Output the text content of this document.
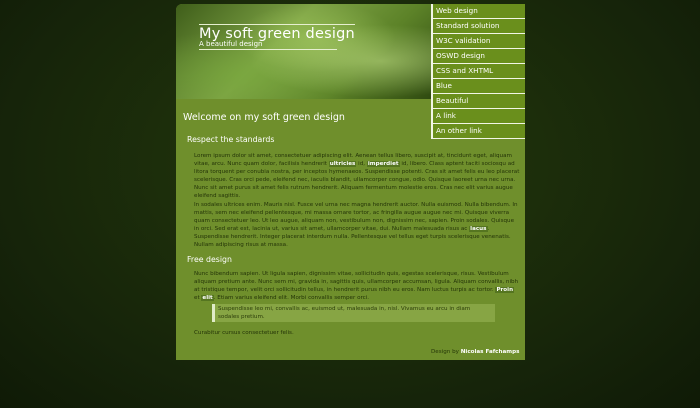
My soft green design
A beautiful design
Web design
Standard solution
W3C validation
OSWD design
CSS and XHTML
Blue
Beautiful
A link
An other link
Welcome on my soft green design
Respect the standards

Lorem ipsum dolor sit amet, consectetuer adipiscing elit. Aenean tellus libero, suscipit at, tincidunt eget, aliquam vitae, arcu. Nunc quam dolor, facilisis hendrerit ultricies id, imperdiet id, libero. Class aptent taciti sociosqu ad litora torquent per conubia nostra, per inceptos hymenaeos. Suspendisse potenti. Cras sit amet felis eu leo placerat scelerisque. Cras orci pede, eleifend nec, iaculis blandit, ullamcorper congue, odio. Quisque laoreet urna nec urna. Nunc sit amet purus sit amet felis rutrum hendrerit. Aliquam fermentum molestie eros. Cras nec elit varius augue eleifend sagittis.

In sodales ultrices enim. Mauris nisl. Fusce vel urna nec magna hendrerit auctor. Nulla euismod. Nulla bibendum. In mattis, sem nec eleifend pellentesque, mi massa ornare tortor, ac fringilla augue augue nec mi. Quisque viverra quam consectetuer leo. Ut leo augue, aliquam non, vestibulum non, dignissim nec, sapien. Proin sodales. Quisque in orci. Sed erat est, lacinia ut, varius sit amet, ullamcorper vitae, dui. Nullam malesuada risus ac lacus. Suspendisse hendrerit. Integer placerat interdum nulla. Pellentesque vel tellus eget turpis scelerisque venenatis. Nullam adipiscing risus at massa.

Free design

Nunc bibendum sapien. Ut ligula sapien, dignissim vitae, sollicitudin quis, egestas scelerisque, risus. Vestibulum aliquam pretium ante. Nunc sem mi, gravida in, sagittis quis, ullamcorper accumsan, ligula. Aliquam convallis, nibh at tristique tempor, velit orci sollicitudin tellus, in hendrerit purus nibh eu eros. Nam luctus turpis ac tortor. Proin et elit. Etiam varius eleifend elit. Morbi convallis semper orci.

Suspendisse leo mi, convallis ac, euismod ut, malesuada in, nisl. Vivamus eu arcu in diam sodales pretium.

Curabitur cursus consectetuer felis.

Design by Nicolas Fafchamps
